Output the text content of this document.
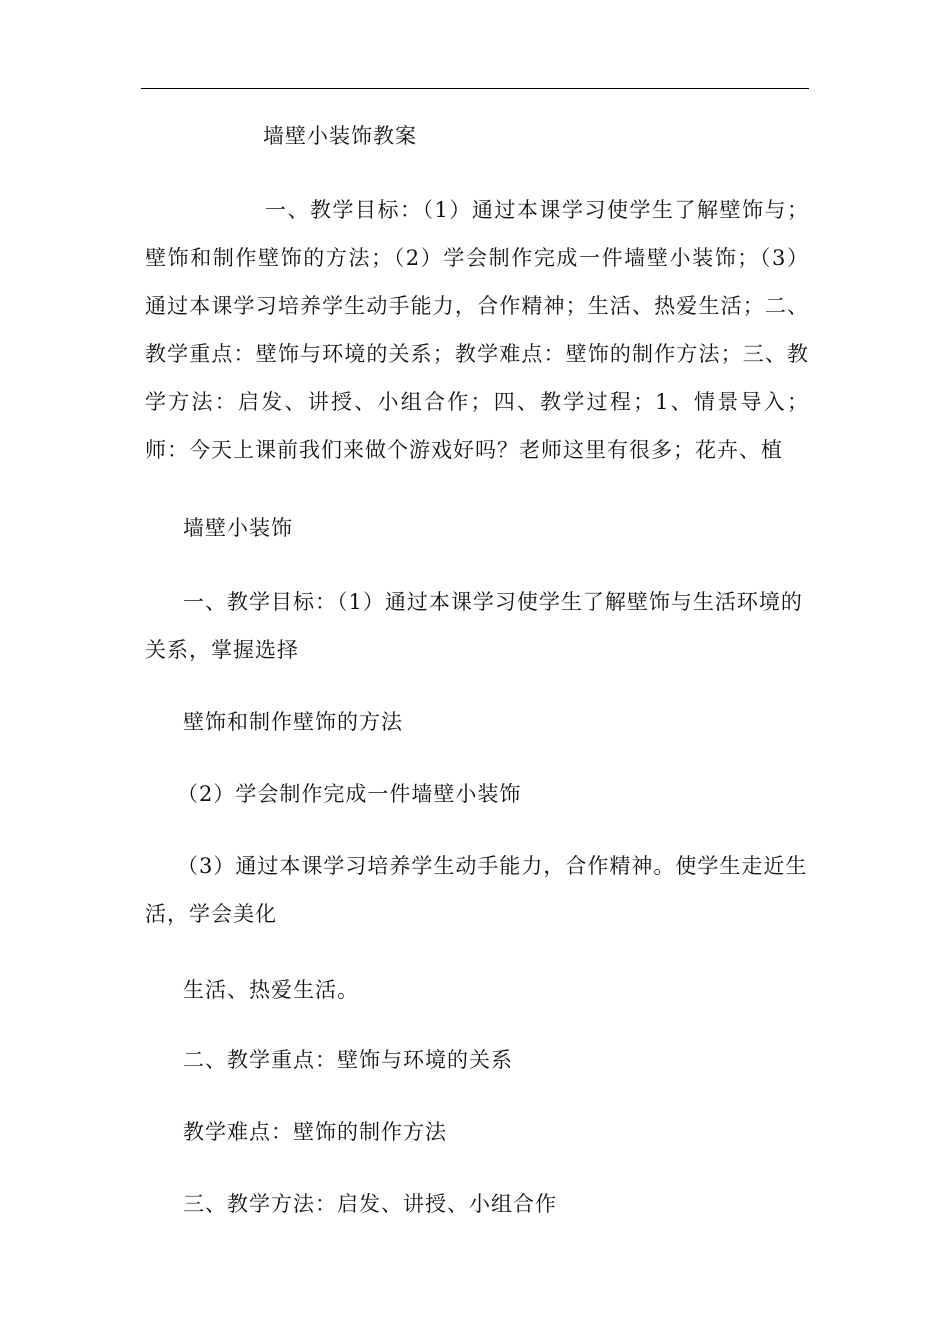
墙壁小装饰教案

一、教学目标：（1）通过本课学习使学生了解壁饰与；壁饰和制作壁饰的方法；（2）学会制作完成一件墙壁小装饰；（3）通过本课学习培养学生动手能力，合作精神；生活、热爱生活；二、教学重点：壁饰与环境的关系；教学难点：壁饰的制作方法；三、教学方法：启发、讲授、小组合作；四、教学过程；1、情景导入；师：今天上课前我们来做个游戏好吗？老师这里有很多；花卉、植

墙壁小装饰

一、教学目标：（1）通过本课学习使学生了解壁饰与生活环境的关系，掌握选择

壁饰和制作壁饰的方法

（2）学会制作完成一件墙壁小装饰

（3）通过本课学习培养学生动手能力，合作精神。使学生走近生活，学会美化

生活、热爱生活。

二、教学重点：壁饰与环境的关系

教学难点：壁饰的制作方法

三、教学方法：启发、讲授、小组合作
